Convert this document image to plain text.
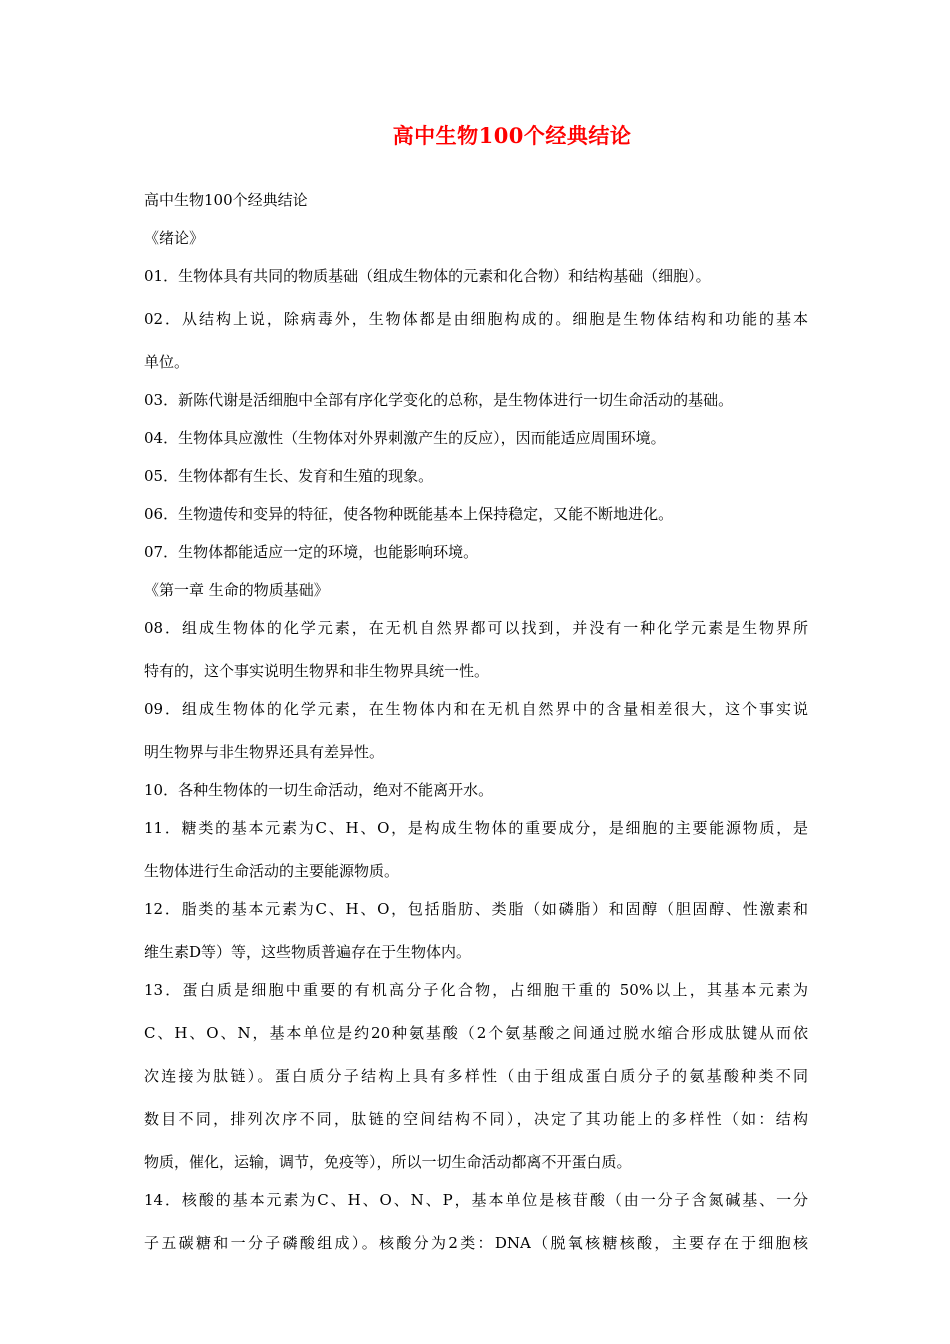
高中生物100个经典结论
高中生物100个经典结论
《绪论》
01．生物体具有共同的物质基础（组成生物体的元素和化合物）和结构基础（细胞）。
02．从结构上说，除病毒外，生物体都是由细胞构成的。细胞是生物体结构和功能的基本
单位。
03．新陈代谢是活细胞中全部有序化学变化的总称，是生物体进行一切生命活动的基础。
04．生物体具应激性（生物体对外界刺激产生的反应），因而能适应周围环境。
05．生物体都有生长、发育和生殖的现象。
06．生物遗传和变异的特征，使各物种既能基本上保持稳定，又能不断地进化。
07．生物体都能适应一定的环境，也能影响环境。
《第一章 生命的物质基础》
08．组成生物体的化学元素，在无机自然界都可以找到，并没有一种化学元素是生物界所
特有的，这个事实说明生物界和非生物界具统一性。
09．组成生物体的化学元素，在生物体内和在无机自然界中的含量相差很大，这个事实说
明生物界与非生物界还具有差异性。
10．各种生物体的一切生命活动，绝对不能离开水。
11．糖类的基本元素为C、H、O，是构成生物体的重要成分，是细胞的主要能源物质，是
生物体进行生命活动的主要能源物质。
12．脂类的基本元素为C、H、O，包括脂肪、类脂（如磷脂）和固醇（胆固醇、性激素和
维生素D等）等，这些物质普遍存在于生物体内。
13．蛋白质是细胞中重要的有机高分子化合物，占细胞干重的 50%以上，其基本元素为
C、H、O、N，基本单位是约20种氨基酸（2个氨基酸之间通过脱水缩合形成肽键从而依
次连接为肽链）。蛋白质分子结构上具有多样性（由于组成蛋白质分子的氨基酸种类不同
数目不同，排列次序不同，肽链的空间结构不同），决定了其功能上的多样性（如：结构
物质，催化，运输，调节，免疫等），所以一切生命活动都离不开蛋白质。
14．核酸的基本元素为C、H、O、N、P，基本单位是核苷酸（由一分子含氮碱基、一分
子五碳糖和一分子磷酸组成）。核酸分为2类：DNA（脱氧核糖核酸，主要存在于细胞核
